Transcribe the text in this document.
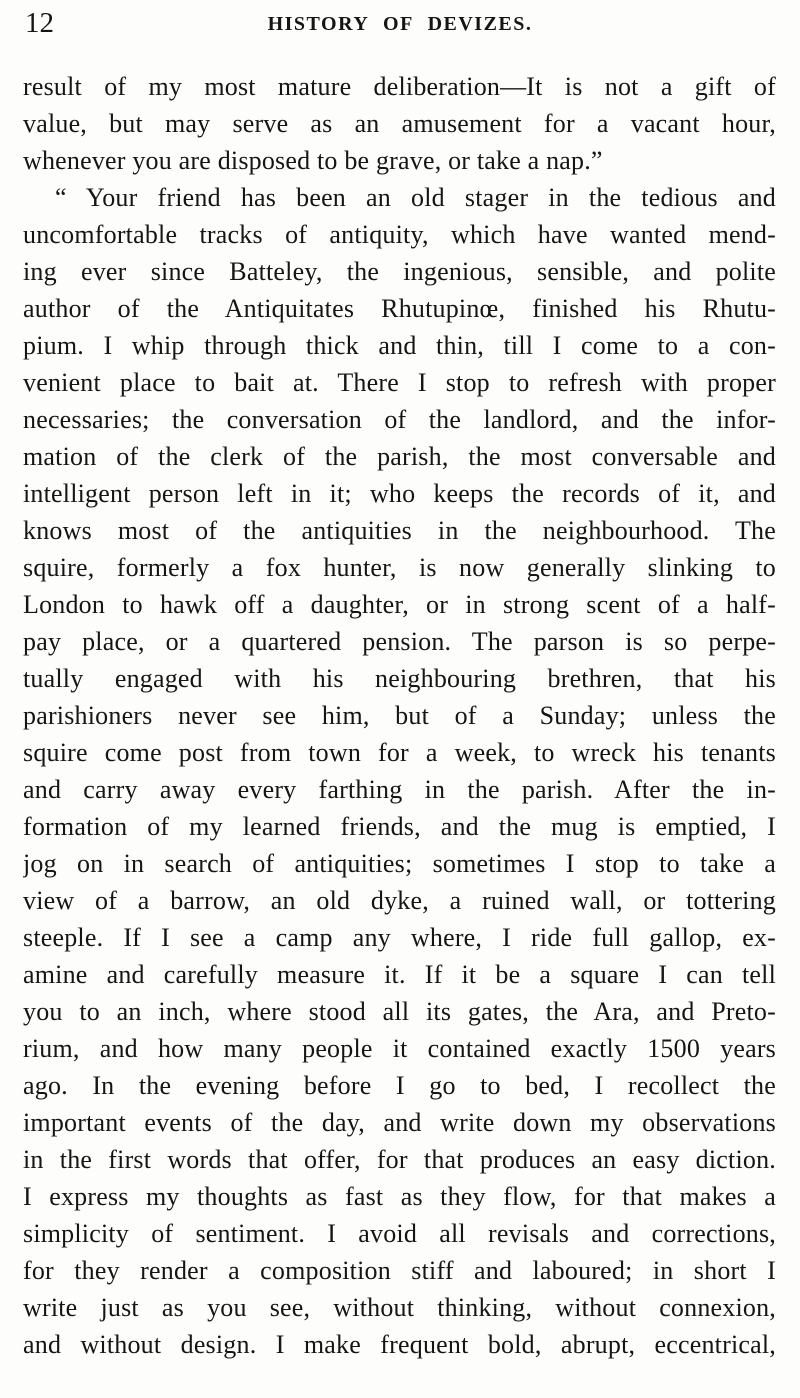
12	HISTORY OF DEVIZES.
result of my most mature deliberation—It is not a gift of
value, but may serve as an amusement for a vacant hour,
whenever you are disposed to be grave, or take a nap.”
“ Your friend has been an old stager in the tedious and
uncomfortable tracks of antiquity, which have wanted mend-
ing ever since Batteley, the ingenious, sensible, and polite
author of the Antiquitates Rhutupinœ, finished his Rhutu-
pium. I whip through thick and thin, till I come to a con-
venient place to bait at. There I stop to refresh with proper
necessaries; the conversation of the landlord, and the infor-
mation of the clerk of the parish, the most conversable and
intelligent person left in it; who keeps the records of it, and
knows most of the antiquities in the neighbourhood. The
squire, formerly a fox hunter, is now generally slinking to
London to hawk off a daughter, or in strong scent of a half-
pay place, or a quartered pension. The parson is so perpe-
tually engaged with his neighbouring brethren, that his
parishioners never see him, but of a Sunday; unless the
squire come post from town for a week, to wreck his tenants
and carry away every farthing in the parish. After the in-
formation of my learned friends, and the mug is emptied, I
jog on in search of antiquities; sometimes I stop to take a
view of a barrow, an old dyke, a ruined wall, or tottering
steeple. If I see a camp any where, I ride full gallop, ex-
amine and carefully measure it. If it be a square I can tell
you to an inch, where stood all its gates, the Ara, and Preto-
rium, and how many people it contained exactly 1500 years
ago. In the evening before I go to bed, I recollect the
important events of the day, and write down my observations
in the first words that offer, for that produces an easy diction.
I express my thoughts as fast as they flow, for that makes a
simplicity of sentiment. I avoid all revisals and corrections,
for they render a composition stiff and laboured; in short I
write just as you see, without thinking, without connexion,
and without design. I make frequent bold, abrupt, eccentrical,
